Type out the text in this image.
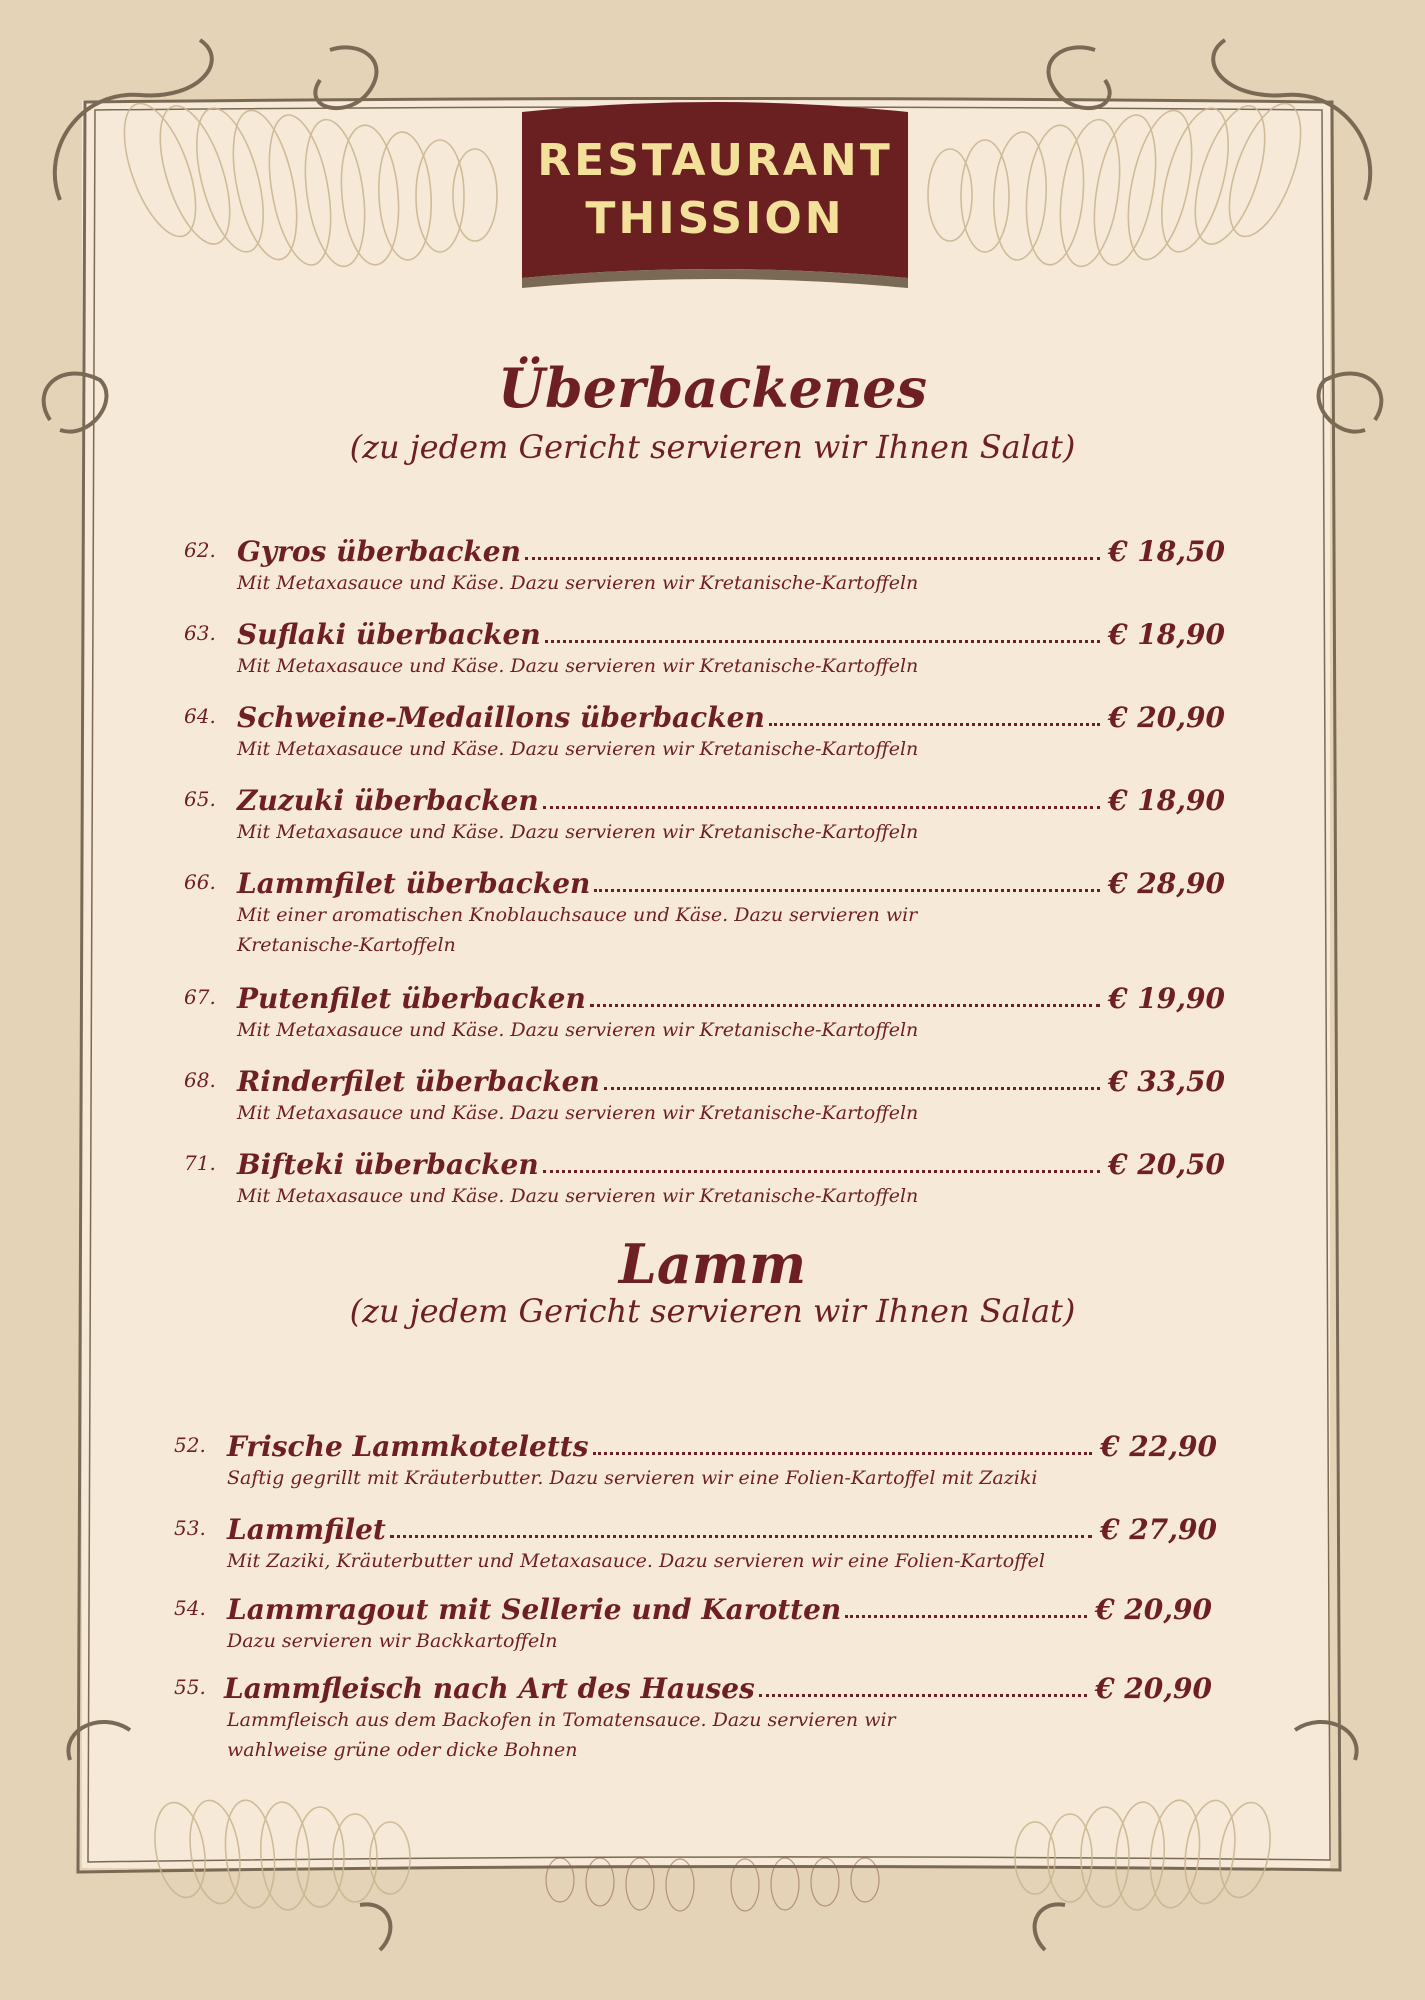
RESTAURANT
THISSION
Überbackenes
(zu jedem Gericht servieren wir Ihnen Salat)
62. Gyros überbacken	€ 18,50
Mit Metaxasauce und Käse. Dazu servieren wir Kretanische-Kartoffeln
63. Suflaki überbacken	€ 18,90
Mit Metaxasauce und Käse. Dazu servieren wir Kretanische-Kartoffeln
64. Schweine-Medaillons überbacken	€ 20,90
Mit Metaxasauce und Käse. Dazu servieren wir Kretanische-Kartoffeln
65. Zuzuki überbacken	€ 18,90
Mit Metaxasauce und Käse. Dazu servieren wir Kretanische-Kartoffeln
66. Lammfilet überbacken	€ 28,90
Mit einer aromatischen Knoblauchsauce und Käse. Dazu servieren wir
Kretanische-Kartoffeln
67. Putenfilet überbacken	€ 19,90
Mit Metaxasauce und Käse. Dazu servieren wir Kretanische-Kartoffeln
68. Rinderfilet überbacken	€ 33,50
Mit Metaxasauce und Käse. Dazu servieren wir Kretanische-Kartoffeln
71. Bifteki überbacken	€ 20,50
Mit Metaxasauce und Käse. Dazu servieren wir Kretanische-Kartoffeln
Lamm
(zu jedem Gericht servieren wir Ihnen Salat)
52. Frische Lammkoteletts	€ 22,90
Saftig gegrillt mit Kräuterbutter. Dazu servieren wir eine Folien-Kartoffel mit Zaziki
53. Lammfilet	€ 27,90
Mit Zaziki, Kräuterbutter und Metaxasauce. Dazu servieren wir eine Folien-Kartoffel
54. Lammragout mit Sellerie und Karotten	€ 20,90
Dazu servieren wir Backkartoffeln
55. Lammfleisch nach Art des Hauses	€ 20,90
Lammfleisch aus dem Backofen in Tomatensauce. Dazu servieren wir
wahlweise grüne oder dicke Bohnen
